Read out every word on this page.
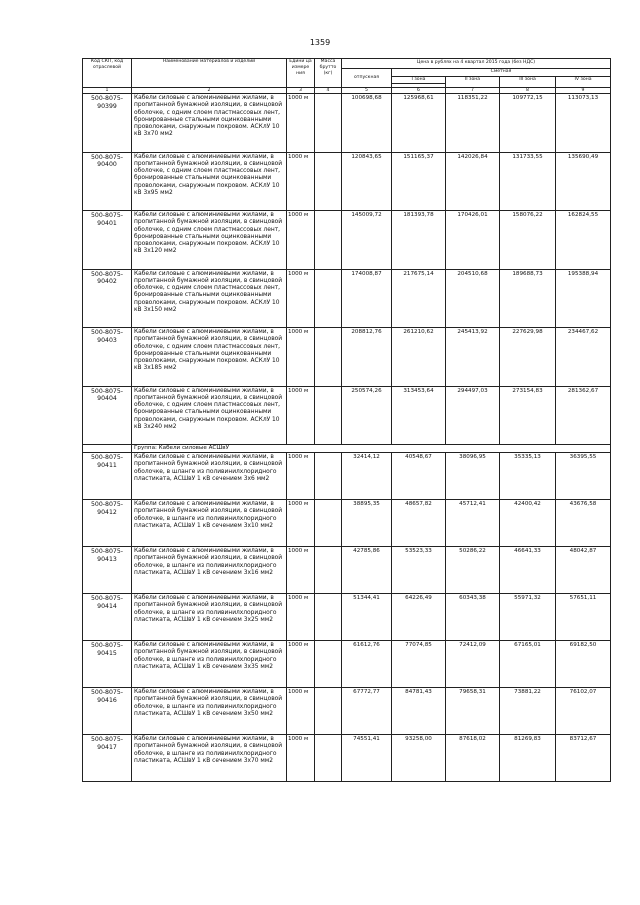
1359
Код СКП, код отраслевой	Наименование материалов и изделий	Едини ца измере ния	Масса брутто (кг)	Цена в рублях на 4 квартал 2015 года (без НДС)				
				отпускная	Сметная			
					I зона	II зона	III зона	IV зона

1	2	3	4	5	6	7	8	9
500-8075-90399	Кабели силовые с алюминиевыми жилами, в пропитанной бумажной изоляции, в свинцовой оболочке, с одним слоем пластмассовых лент, бронированные стальными оцинкованными проволоками, снаружным покровом. АСКлУ 10 кВ 3х70 мм2	1000 м		100698,68	125968,61	118351,22	109772,15	113073,13
500-8075-90400	Кабели силовые с алюминиевыми жилами, в пропитанной бумажной изоляции, в свинцовой оболочке, с одним слоем пластмассовых лент, бронированные стальными оцинкованными проволоками, снаружным покровом. АСКлУ 10 кВ 3х95 мм2	1000 м		120843,65	151165,37	142026,84	131733,55	135690,49
500-8075-90401	Кабели силовые с алюминиевыми жилами, в пропитанной бумажной изоляции, в свинцовой оболочке, с одним слоем пластмассовых лент, бронированные стальными оцинкованными проволоками, снаружным покровом. АСКлУ 10 кВ 3х120 мм2	1000 м		145009,72	181393,78	170426,01	158076,22	162824,55
500-8075-90402	Кабели силовые с алюминиевыми жилами, в пропитанной бумажной изоляции, в свинцовой оболочке, с одним слоем пластмассовых лент, бронированные стальными оцинкованными проволоками, снаружным покровом. АСКлУ 10 кВ 3х150 мм2	1000 м		174008,87	217675,14	204510,68	189688,73	195388,94
500-8075-90403	Кабели силовые с алюминиевыми жилами, в пропитанной бумажной изоляции, в свинцовой оболочке, с одним слоем пластмассовых лент, бронированные стальными оцинкованными проволоками, снаружным покровом. АСКлУ 10 кВ 3х185 мм2	1000 м		208812,76	261210,62	245413,92	227629,98	234467,62
500-8075-90404	Кабели силовые с алюминиевыми жилами, в пропитанной бумажной изоляции, в свинцовой оболочке, с одним слоем пластмассовых лент, бронированные стальными оцинкованными проволоками, снаружным покровом. АСКлУ 10 кВ 3х240 мм2	1000 м		250574,26	313453,64	294497,03	273154,83	281362,67
	Группа: Кабели силовые АСШвУ							
500-8075-90411	Кабели силовые с алюминиевыми жилами, в пропитанной бумажной изоляции, в свинцовой оболочке, в шланге из поливинилхлоридного пластиката, АСШвУ 1 кВ сечением 3х6 мм2	1000 м		32414,12	40548,67	38096,95	35335,13	36395,55
500-8075-90412	Кабели силовые с алюминиевыми жилами, в пропитанной бумажной изоляции, в свинцовой оболочке, в шланге из поливинилхлоридного пластиката, АСШвУ 1 кВ сечением 3х10 мм2	1000 м		38895,35	48657,82	45712,41	42400,42	43676,58
500-8075-90413	Кабели силовые с алюминиевыми жилами, в пропитанной бумажной изоляции, в свинцовой оболочке, в шланге из поливинилхлоридного пластиката, АСШвУ 1 кВ сечением 3х16 мм2	1000 м		42785,86	53523,33	50286,22	46641,33	48042,87
500-8075-90414	Кабели силовые с алюминиевыми жилами, в пропитанной бумажной изоляции, в свинцовой оболочке, в шланге из поливинилхлоридного пластиката, АСШвУ 1 кВ сечением 3х25 мм2	1000 м		51344,41	64226,49	60343,38	55971,32	57651,11
500-8075-90415	Кабели силовые с алюминиевыми жилами, в пропитанной бумажной изоляции, в свинцовой оболочке, в шланге из поливинилхлоридного пластиката, АСШвУ 1 кВ сечением 3х35 мм2	1000 м		61612,76	77074,85	72412,09	67165,01	69182,50
500-8075-90416	Кабели силовые с алюминиевыми жилами, в пропитанной бумажной изоляции, в свинцовой оболочке, в шланге из поливинилхлоридного пластиката, АСШвУ 1 кВ сечением 3х50 мм2	1000 м		67772,77	84781,43	79658,31	73881,22	76102,07
500-8075-90417	Кабели силовые с алюминиевыми жилами, в пропитанной бумажной изоляции, в свинцовой оболочке, в шланге из поливинилхлоридного пластиката, АСШвУ 1 кВ сечением 3х70 мм2	1000 м		74551,41	93258,00	87618,02	81269,83	83712,67
